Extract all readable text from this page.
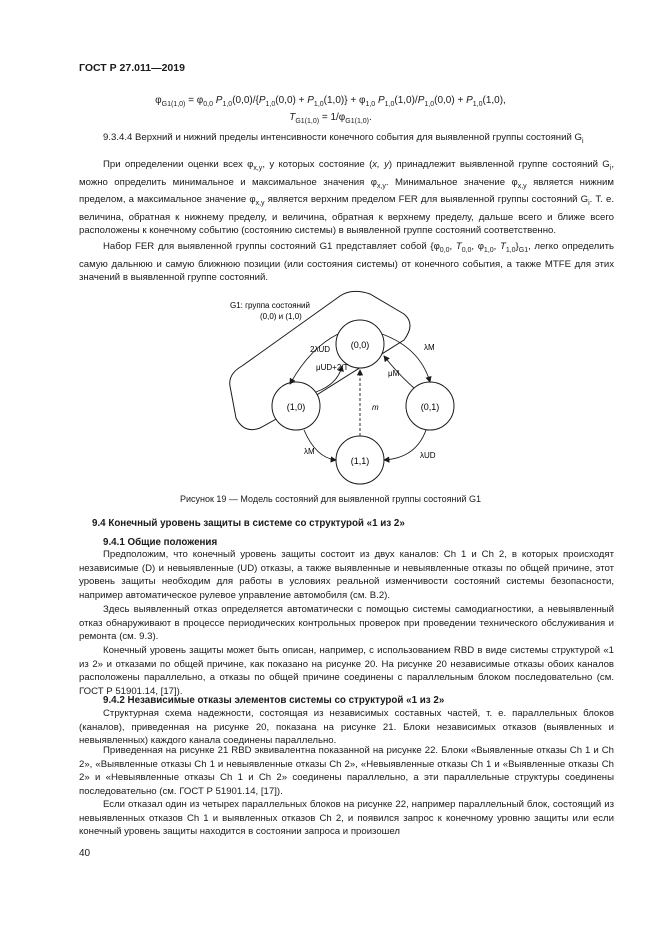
ГОСТ Р 27.011—2019
$\varphi_{G1(1,0)} = \varphi_{0,0}$ $P_{1,0}(0,0)/\{P_{1,0}(0,0) + P_{1,0}(1,0)\} + \varphi_{1,0}$ $P_{1,0}(1,0)/P_{1,0}(0,0) + P_{1,0}(1,0)$,
$T_{G1(1,0)} = 1/\varphi_{G1(1,0)}$.

9.3.4.4 Верхний и нижний пределы интенсивности конечного события для выявленной группы состояний $G_i$

При определении оценки всех $\varphi_{x,y}$, у которых состояние (x, y) принадлежит выявленной группе состояний $G_i$, можно определить минимальное и максимальное значения $\varphi_{x,y}$. Минимальное значение $\varphi_{x,y}$ является нижним пределом, а максимальное значение $\varphi_{x,y}$ является верхним пределом FER для выявленной группы состояний $G_i$. Т. е. величина, обратная к нижнему пределу, и величина, обратная к верхнему пределу, дальше всего и ближе всего расположены к конечному событию (состоянию системы) в выявленной группе состояний соответственно.

Набор FER для выявленной группы состояний G1 представляет собой {$\varphi_{0,0}$, $T_{0,0}$, $\varphi_{1,0}$, $T_{1,0}\}_{G1}$, легко определить самую дальнюю и самую ближнюю позиции (или состояния системы) от конечного события, а также MTFE для этих значений в выявленной группе состояний.

(0,0)
(1,0)	(0,1)
(1,1)
G1: группа состояний
(0,0) и (1,0)
2λUD
μUD+2/T
λM
μM
m
λM	λUD
Рисунок 19 — Модель состояний для выявленной группы состояний G1
9.4 Конечный уровень защиты в системе со структурой «1 из 2»
9.4.1 Общие положения

Предположим, что конечный уровень защиты состоит из двух каналов: Ch 1 и Ch 2, в которых происходят независимые (D) и невыявленные (UD) отказы, а также выявленные и невыявленные отказы по общей причине, этот уровень защиты необходим для работы в условиях реальной изменчивости состояний системы безопасности, например автоматическое рулевое управление автомобиля (см. В.2).

Здесь выявленный отказ определяется автоматически с помощью системы самодиагностики, а невыявленный отказ обнаруживают в процессе периодических контрольных проверок при проведении технического обслуживания и ремонта (см. 9.3).

Конечный уровень защиты может быть описан, например, с использованием RBD в виде системы структурой «1 из 2» и отказами по общей причине, как показано на рисунке 20. На рисунке 20 независимые отказы обоих каналов расположены параллельно, а отказы по общей причине соединены с параллельным блоком последовательно (см. ГОСТ Р 51901.14, [17]).

9.4.2 Независимые отказы элементов системы со структурой «1 из 2»

Структурная схема надежности, состоящая из независимых составных частей, т. е. параллельных блоков (каналов), приведенная на рисунке 20, показана на рисунке 21. Блоки независимых отказов (выявленных и невыявленных) каждого канала соединены параллельно.

Приведенная на рисунке 21 RBD эквивалентна показанной на рисунке 22. Блоки «Выявленные отказы Ch 1 и Ch 2», «Выявленные отказы Ch 1 и невыявленные отказы Ch 2», «Невыявленные отказы Ch 1 и «Выявленные отказы Ch 2» и «Невыявленные отказы Ch 1 и Ch 2» соединены параллельно, а эти параллельные структуры соединены последовательно (см. ГОСТ Р 51901.14, [17]).

Если отказал один из четырех параллельных блоков на рисунке 22, например параллельный блок, состоящий из невыявленных отказов Ch 1 и выявленных отказов Ch 2, и появился запрос к конечному уровню защиты или если конечный уровень защиты находится в состоянии запроса и произошел

40
